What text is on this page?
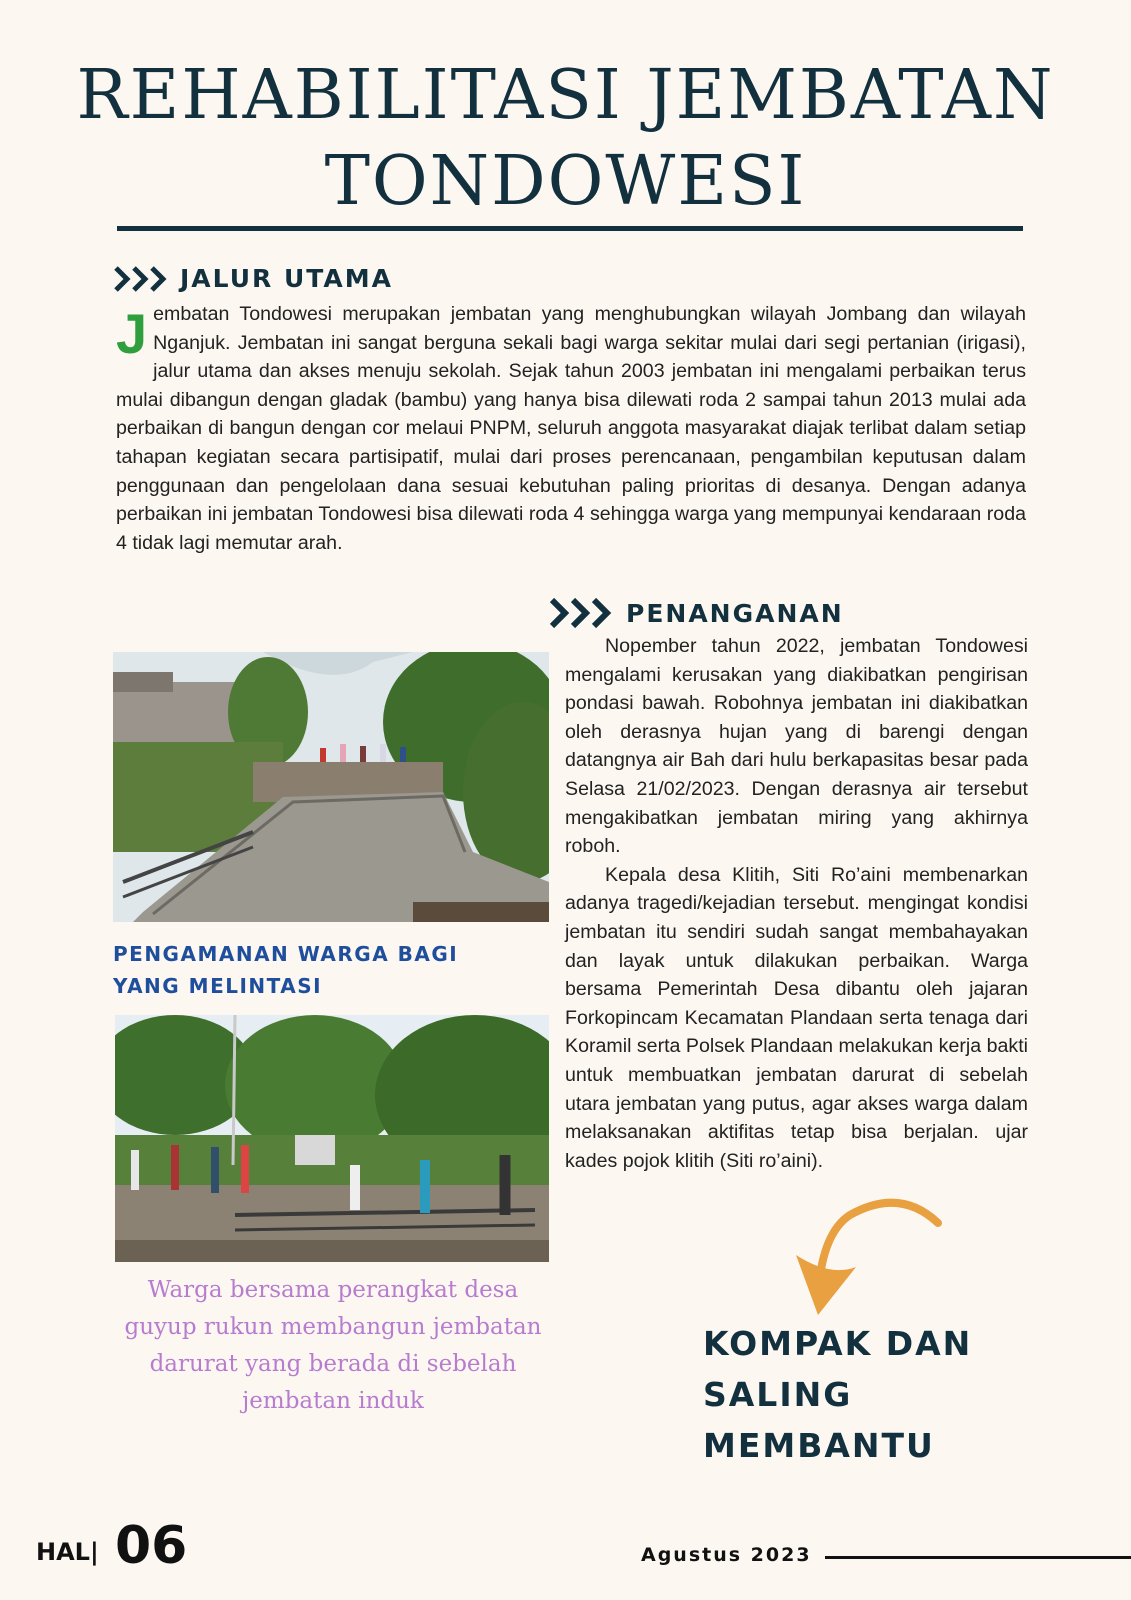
REHABILITASI JEMBATAN
TONDOWESI
JALUR UTAMA

Jembatan Tondowesi merupakan jembatan yang menghubungkan wilayah Jombang dan wilayah Nganjuk. Jembatan ini sangat berguna sekali bagi warga sekitar mulai dari segi pertanian (irigasi), jalur utama dan akses menuju sekolah. Sejak tahun 2003 jembatan ini mengalami perbaikan terus mulai dibangun dengan gladak (bambu) yang hanya bisa dilewati roda 2 sampai tahun 2013 mulai ada perbaikan di bangun dengan cor melaui PNPM, seluruh anggota masyarakat diajak terlibat dalam setiap tahapan kegiatan secara partisipatif, mulai dari proses perencanaan, pengambilan keputusan dalam penggunaan dan pengelolaan dana sesuai kebutuhan paling prioritas di desanya. Dengan adanya perbaikan ini jembatan Tondowesi bisa dilewati roda 4 sehingga warga yang mempunyai kendaraan roda 4 tidak lagi memutar arah.

PENGAMANAN WARGA BAGI YANG MELINTASI

Warga bersama perangkat desa guyup rukun membangun jembatan darurat yang berada di sebelah jembatan induk

PENANGANAN

Nopember tahun 2022, jembatan Tondowesi mengalami kerusakan yang diakibatkan pengirisan pondasi bawah. Robohnya jembatan ini diakibatkan oleh derasnya hujan yang di barengi dengan datangnya air Bah dari hulu berkapasitas besar pada Selasa 21/02/2023. Dengan derasnya air tersebut mengakibatkan jembatan miring yang akhirnya roboh.

Kepala desa Klitih, Siti Ro’aini membenarkan adanya tragedi/kejadian tersebut. mengingat kondisi jembatan itu sendiri sudah sangat membahayakan dan layak untuk dilakukan perbaikan. Warga bersama Pemerintah Desa dibantu oleh jajaran Forkopincam Kecamatan Plandaan serta tenaga dari Koramil serta Polsek Plandaan melakukan kerja bakti untuk membuatkan jembatan darurat di sebelah utara jembatan yang putus, agar akses warga dalam melaksanakan aktifitas tetap bisa berjalan. ujar kades pojok klitih (Siti ro’aini).

KOMPAK DAN
SALING
MEMBANTU
HAL| 06	Agustus 2023
